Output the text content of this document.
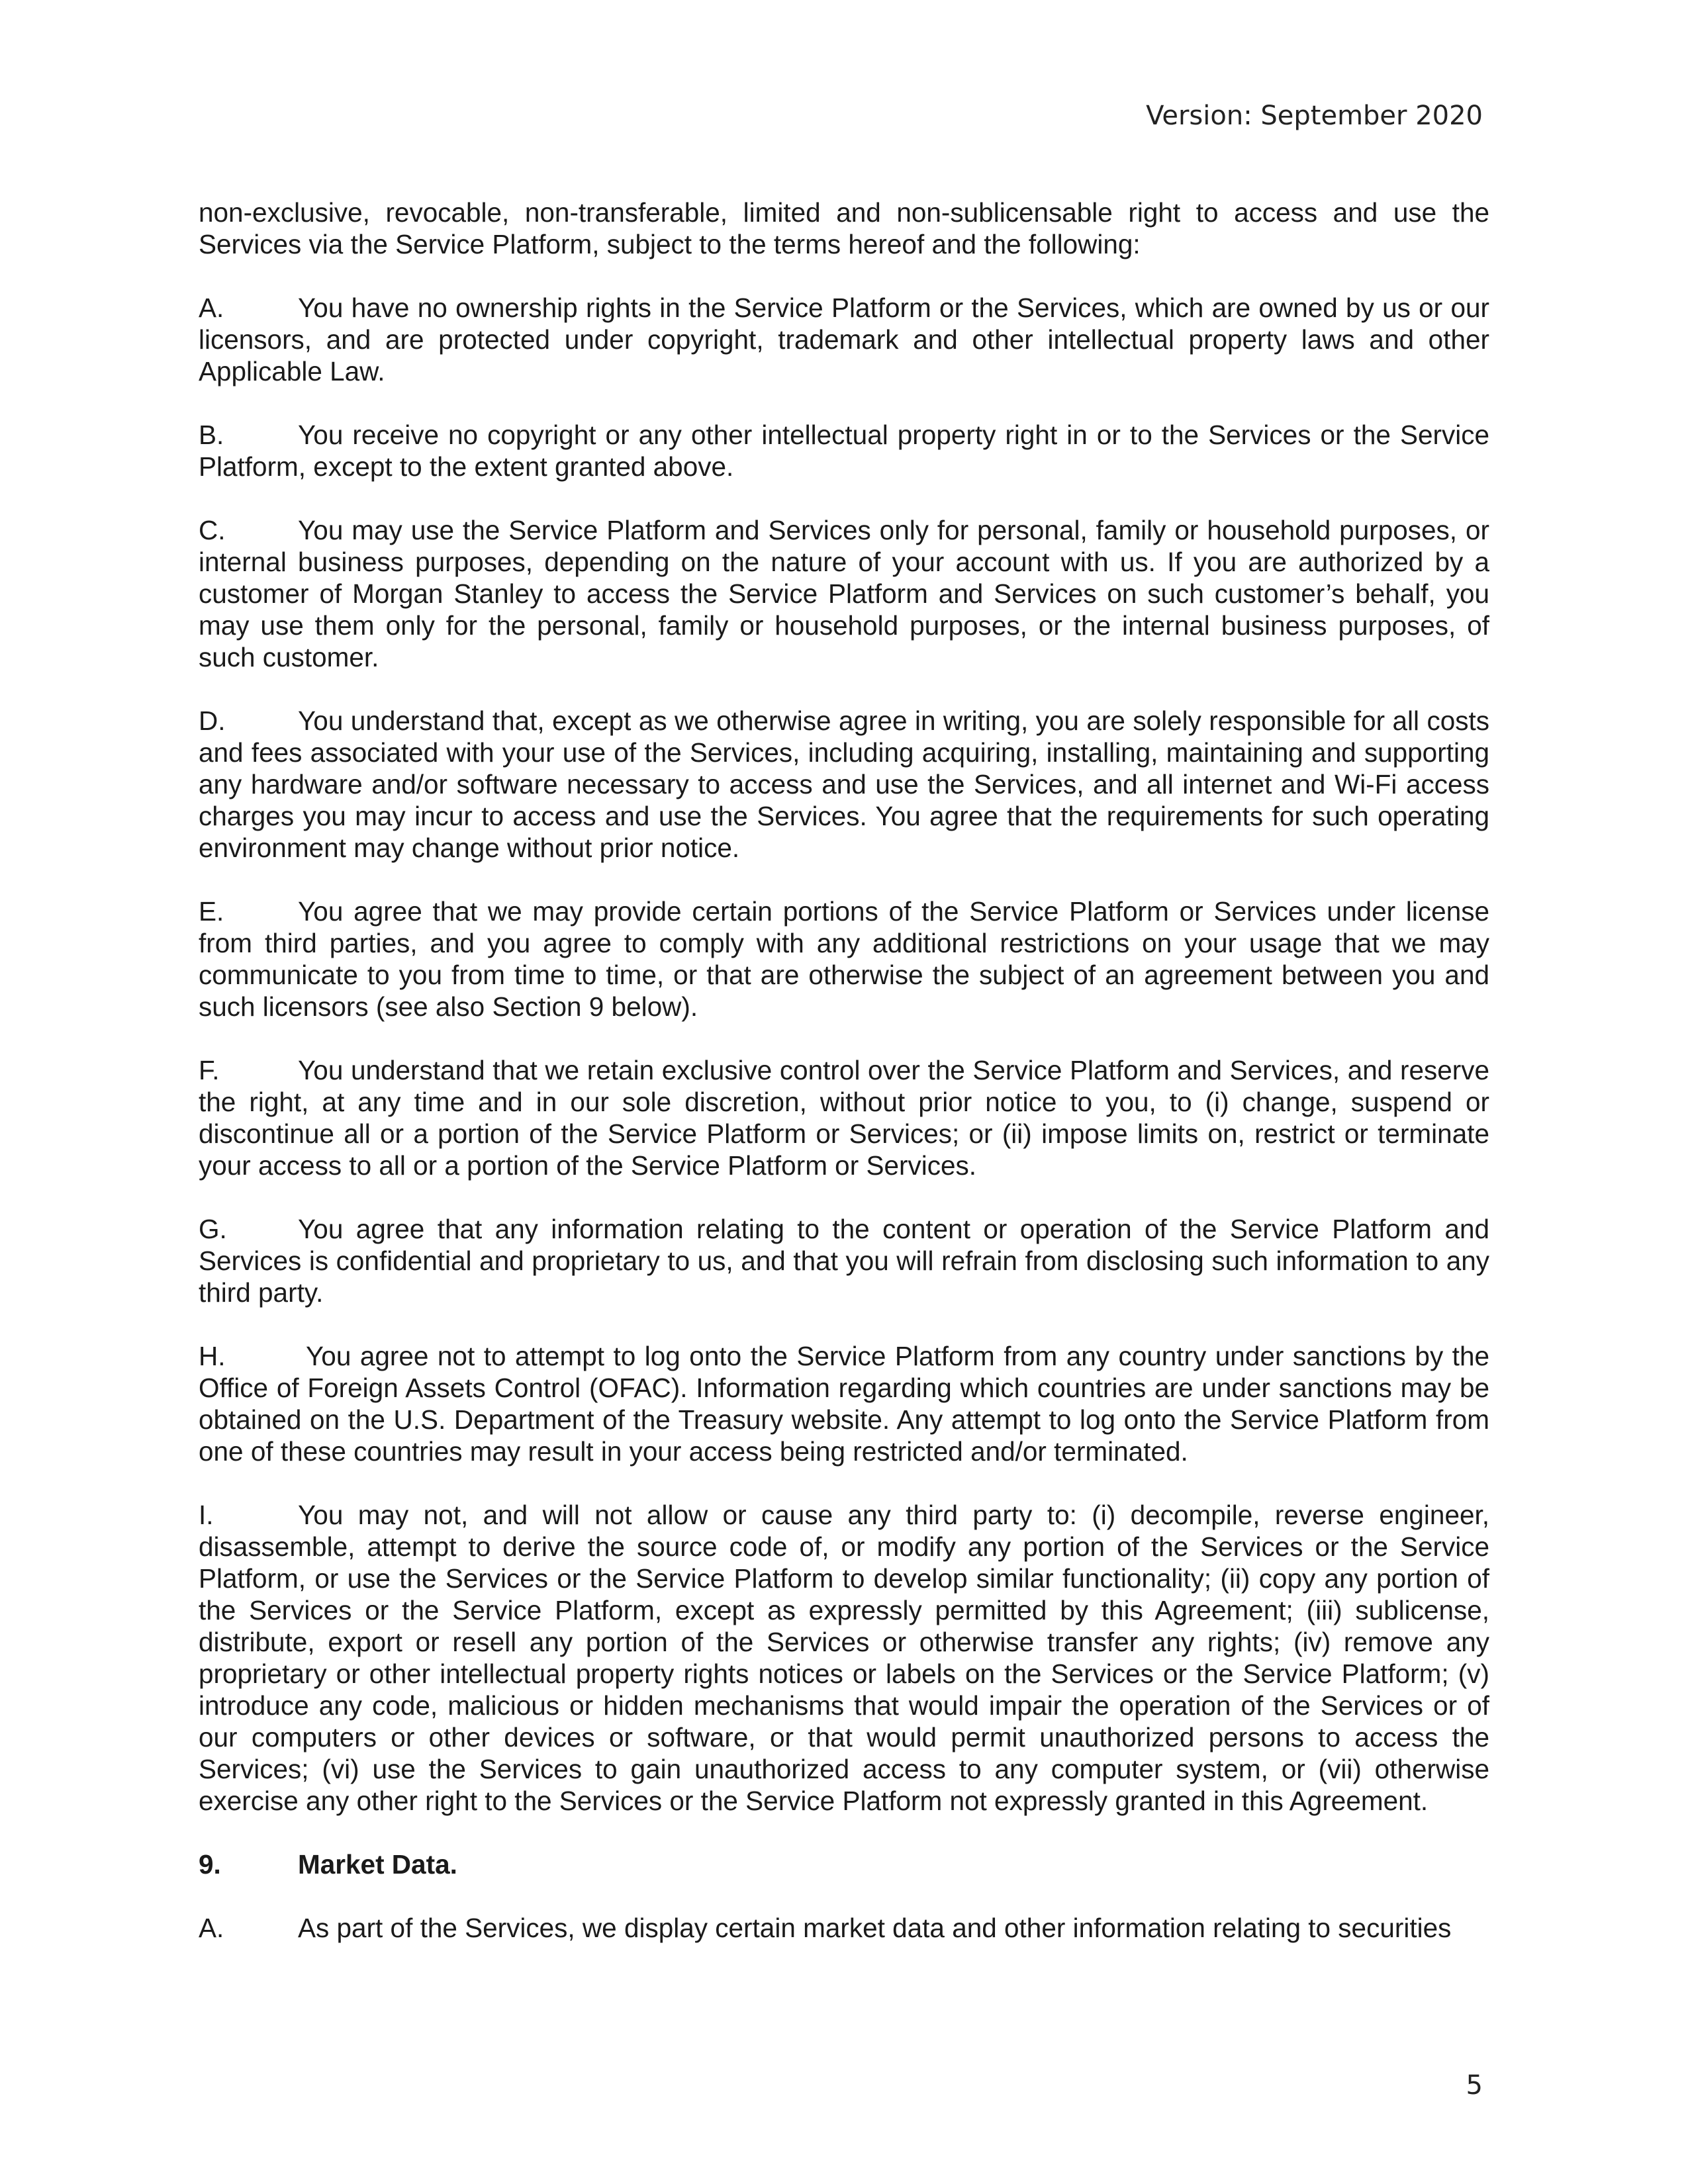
Version: September 2020

non-exclusive, revocable, non-transferable, limited and non-sublicensable right to access and use the Services via the Service Platform, subject to the terms hereof and the following:

A.	You have no ownership rights in the Service Platform or the Services, which are owned by us or our licensors, and are protected under copyright, trademark and other intellectual property laws and other Applicable Law.

B.	You receive no copyright or any other intellectual property right in or to the Services or the Service Platform, except to the extent granted above.

C.	You may use the Service Platform and Services only for personal, family or household purposes, or internal business purposes, depending on the nature of your account with us. If you are authorized by a customer of Morgan Stanley to access the Service Platform and Services on such customer’s behalf, you may use them only for the personal, family or household purposes, or the internal business purposes, of such customer.

D.	You understand that, except as we otherwise agree in writing, you are solely responsible for all costs and fees associated with your use of the Services, including acquiring, installing, maintaining and supporting any hardware and/or software necessary to access and use the Services, and all internet and Wi-Fi access charges you may incur to access and use the Services. You agree that the requirements for such operating environment may change without prior notice.

E.	You agree that we may provide certain portions of the Service Platform or Services under license from third parties, and you agree to comply with any additional restrictions on your usage that we may communicate to you from time to time, or that are otherwise the subject of an agreement between you and such licensors (see also Section 9 below).

F.	You understand that we retain exclusive control over the Service Platform and Services, and reserve the right, at any time and in our sole discretion, without prior notice to you, to (i) change, suspend or discontinue all or a portion of the Service Platform or Services; or (ii) impose limits on, restrict or terminate your access to all or a portion of the Service Platform or Services.

G.	You agree that any information relating to the content or operation of the Service Platform and Services is confidential and proprietary to us, and that you will refrain from disclosing such information to any third party.

H.	You agree not to attempt to log onto the Service Platform from any country under sanctions by the Office of Foreign Assets Control (OFAC). Information regarding which countries are under sanctions may be obtained on the U.S. Department of the Treasury website. Any attempt to log onto the Service Platform from one of these countries may result in your access being restricted and/or terminated.

I.	You may not, and will not allow or cause any third party to: (i) decompile, reverse engineer, disassemble, attempt to derive the source code of, or modify any portion of the Services or the Service Platform, or use the Services or the Service Platform to develop similar functionality; (ii) copy any portion of the Services or the Service Platform, except as expressly permitted by this Agreement; (iii) sublicense, distribute, export or resell any portion of the Services or otherwise transfer any rights; (iv) remove any proprietary or other intellectual property rights notices or labels on the Services or the Service Platform; (v) introduce any code, malicious or hidden mechanisms that would impair the operation of the Services or of our computers or other devices or software, or that would permit unauthorized persons to access the Services; (vi) use the Services to gain unauthorized access to any computer system, or (vii) otherwise exercise any other right to the Services or the Service Platform not expressly granted in this Agreement.

9.	Market Data.

A.	As part of the Services, we display certain market data and other information relating to securities

5
